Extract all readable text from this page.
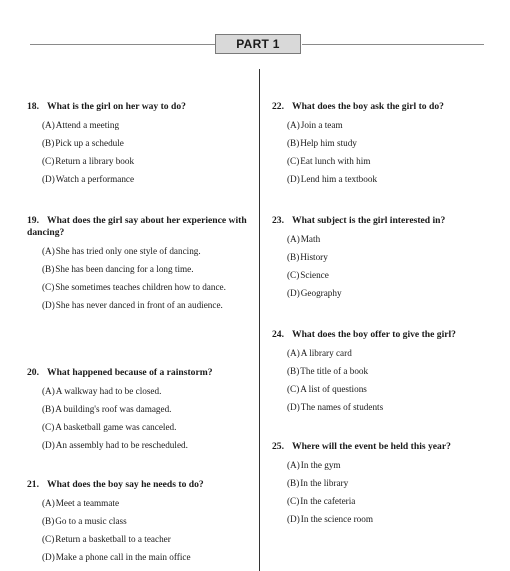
PART 1
18. What is the girl on her way to do?
(A) Attend a meeting
(B) Pick up a schedule
(C) Return a library book
(D) Watch a performance
19. What does the girl say about her experience with dancing?
(A) She has tried only one style of dancing.
(B) She has been dancing for a long time.
(C) She sometimes teaches children how to dance.
(D) She has never danced in front of an audience.
20. What happened because of a rainstorm?
(A) A walkway had to be closed.
(B) A building's roof was damaged.
(C) A basketball game was canceled.
(D) An assembly had to be rescheduled.
21. What does the boy say he needs to do?
(A) Meet a teammate
(B) Go to a music class
(C) Return a basketball to a teacher
(D) Make a phone call in the main office
22. What does the boy ask the girl to do?
(A) Join a team
(B) Help him study
(C) Eat lunch with him
(D) Lend him a textbook
23. What subject is the girl interested in?
(A) Math
(B) History
(C) Science
(D) Geography
24. What does the boy offer to give the girl?
(A) A library card
(B) The title of a book
(C) A list of questions
(D) The names of students
25. Where will the event be held this year?
(A) In the gym
(B) In the library
(C) In the cafeteria
(D) In the science room
